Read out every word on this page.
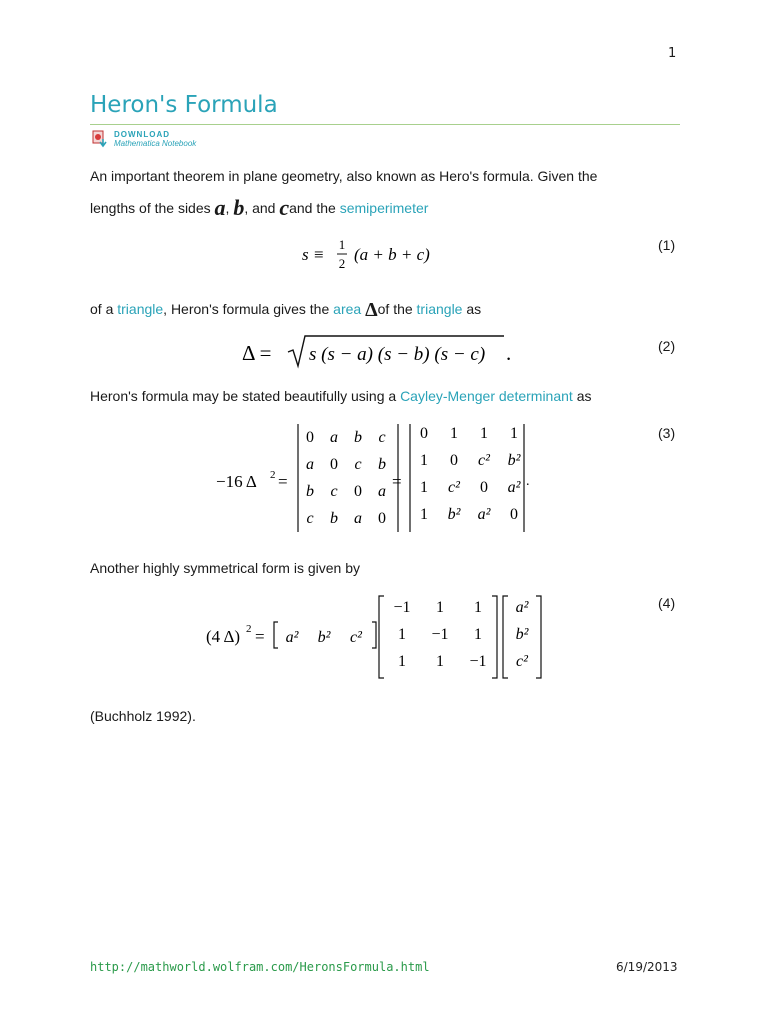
1
Heron's Formula
DOWNLOAD
Mathematica Notebook
An important theorem in plane geometry, also known as Hero's formula. Given the
lengths of the sides a, b, and cand the semiperimeter
s ≡
1
2 (a + b + c)	(1)
of a triangle, Heron's formula gives the area Δof the triangle as
Δ = s (s − a) (s − b) (s − c) .	(2)
Heron's formula may be stated beautifully using a Cayley-Menger determinant as
−16 Δ 2 =
0 a b c
a 0 c b
b c 0 a
c b a 0
=
0 1 1 1
1 0 c² b²
1 c² 0 a²
1 b² a² 0
.
(3)
Another highly symmetrical form is given by
(4 Δ) 2 = a² b² c²
−1 1 1
1 −1 1
1 1 −1
a²
b²
c²
(4)
(Buchholz 1992).
http://mathworld.wolfram.com/HeronsFormula.html	6/19/2013
